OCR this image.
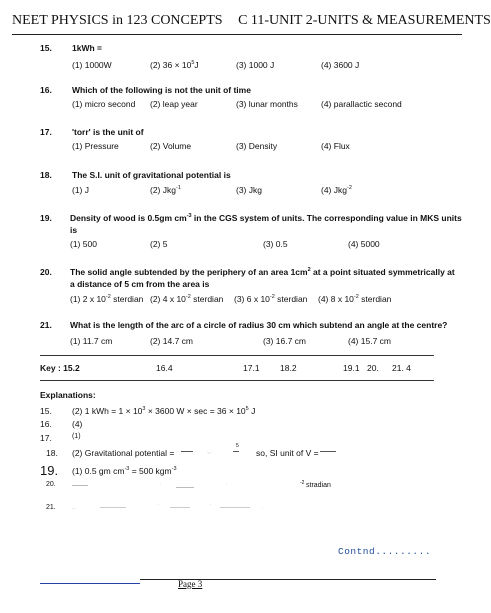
NEET PHYSICS in 123 CONCEPTS C 11-UNIT 2-UNITS & MEASUREMENTS
15. 1kWh =
(1) 1000W	(2) $36 \times 10^5J$	(3) 1000 J	(4) 3600 J
16. Which of the following is not the unit of time
(1) micro second (2) leap year	(3) lunar months	(4) parallactic second
17. 'torr' is the unit of
(1) Pressure	(2) Volume	(3) Density	(4) Flux
18. The S.I. unit of gravitational potential is
(1) J	(2) Jkg$^{-1}$	(3) Jkg	(4) Jkg$^{-2}$
19. Density of wood is 0.5gm $cm^{-3}$ in the CGS system of units. The corresponding value in MKS units
is
(1) 500	(2) 5	(3) 0.5	(4) 5000
20. The solid angle subtended by the periphery of an area $1cm^2$ at a point situated symmetrically at
a distance of 5 cm from the area is
(1) 2 x $10^{-2}$ sterdian (2) 4 x $10^{-2}$ sterdian (3) 6 x $10^{-2}$ sterdian (4) 8 x $10^{-2}$ sterdian
21. What is the length of the arc of a circle of radius 30 cm which subtend an angle at the centre?
(1) 11.7 cm	(2) 14.7 cm	(3) 16.7 cm	(4) 15.7 cm
Key : 15.2	16.4	17.1 18.2	19.1 20. 21. 4
Explanations:
15. (2) 1 kWh = $1 \times 10^3 \times 3600$ $W \times \sec = 36 \times 10^5$ J
16. (4)
17.	(1)
18. (2) Gravitational potential =

	·:: ·
5

so, SI unit of V =

19. (1) 0.5 gm $cm^{-3} = 500$ kgm$^{-3}$
20.	·	·	-2 stradian
21.	·· ·
·	·
·
Contnd.........
Page 3
